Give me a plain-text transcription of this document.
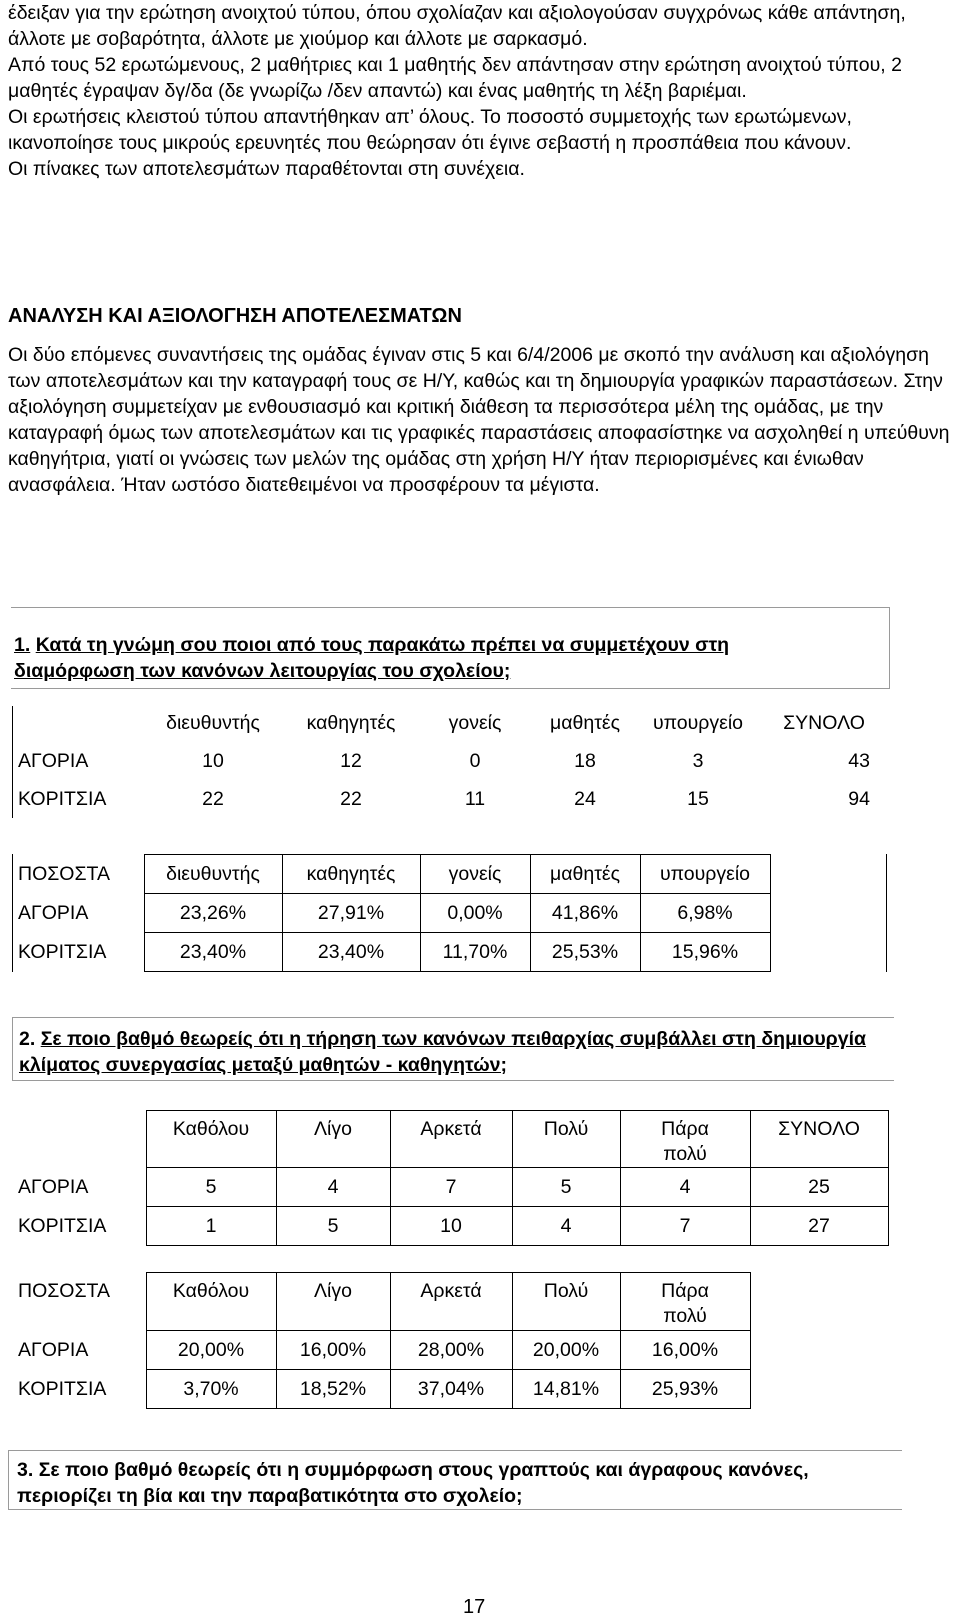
έδειξαν για την ερώτηση ανοιχτού τύπου, όπου σχολίαζαν και αξιολογούσαν συγχρόνως κάθε απάντηση, άλλοτε με σοβαρότητα, άλλοτε με χιούμορ και άλλοτε με σαρκασμό.

Από τους 52 ερωτώμενους, 2 μαθήτριες και 1 μαθητής δεν απάντησαν στην ερώτηση ανοιχτού τύπου, 2 μαθητές έγραψαν δγ/δα (δε γνωρίζω /δεν απαντώ) και ένας μαθητής τη λέξη βαριέμαι.

Οι ερωτήσεις κλειστού τύπου απαντήθηκαν απ’ όλους. Το ποσοστό συμμετοχής των ερωτώμενων, ικανοποίησε τους μικρούς ερευνητές που θεώρησαν ότι έγινε σεβαστή η προσπάθεια που κάνουν.

Οι πίνακες των αποτελεσμάτων παραθέτονται στη συνέχεια.

ΑΝΑΛΥΣΗ ΚΑΙ ΑΞΙΟΛΟΓΗΣΗ ΑΠΟΤΕΛΕΣΜΑΤΩΝ
Οι δύο επόμενες συναντήσεις της ομάδας έγιναν στις 5 και 6/4/2006 με σκοπό την ανάλυση και αξιολόγηση των αποτελεσμάτων και την καταγραφή τους σε Η/Υ, καθώς και τη δημιουργία γραφικών παραστάσεων. Στην αξιολόγηση συμμετείχαν με ενθουσιασμό και κριτική διάθεση τα περισσότερα μέλη της ομάδας, με την καταγραφή όμως των αποτελεσμάτων και τις γραφικές παραστάσεις αποφασίστηκε να ασχοληθεί η υπεύθυνη καθηγήτρια, γιατί οι γνώσεις των μελών της ομάδας στη χρήση Η/Υ ήταν περιορισμένες και ένιωθαν ανασφάλεια. Ήταν ωστόσο διατεθειμένοι να προσφέρουν τα μέγιστα.
1. Κατά τη γνώμη σου ποιοι από τους παρακάτω πρέπει να συμμετέχουν στη διαμόρφωση των κανόνων λειτουργίας του σχολείου;
	διευθυντής	καθηγητές	γονείς	μαθητές	υπουργείο	ΣΥΝΟΛΟ
ΑΓΟΡΙΑ	10	12	0	18	3	43
ΚΟΡΙΤΣΙΑ	22	22	11	24	15	94
ΠΟΣΟΣΤΑ	διευθυντής	καθηγητές	γονείς	μαθητές	υπουργείο
ΑΓΟΡΙΑ	23,26%	27,91%	0,00%	41,86%	6,98%
ΚΟΡΙΤΣΙΑ	23,40%	23,40%	11,70%	25,53%	15,96%
2. Σε ποιο βαθμό θεωρείς ότι η τήρηση των κανόνων πειθαρχίας συμβάλλει στη δημιουργία κλίματος συνεργασίας μεταξύ μαθητών - καθηγητών;
	Καθόλου	Λίγο	Αρκετά	Πολύ	Πάρα πολύ	ΣΥΝΟΛΟ
ΑΓΟΡΙΑ	5	4	7	5	4	25
ΚΟΡΙΤΣΙΑ	1	5	10	4	7	27
ΠΟΣΟΣΤΑ	Καθόλου	Λίγο	Αρκετά	Πολύ	Πάρα πολύ
ΑΓΟΡΙΑ	20,00%	16,00%	28,00%	20,00%	16,00%
ΚΟΡΙΤΣΙΑ	3,70%	18,52%	37,04%	14,81%	25,93%
3. Σε ποιο βαθμό θεωρείς ότι η συμμόρφωση στους γραπτούς και άγραφους κανόνες, περιορίζει τη βία και την παραβατικότητα στο σχολείο;
17
